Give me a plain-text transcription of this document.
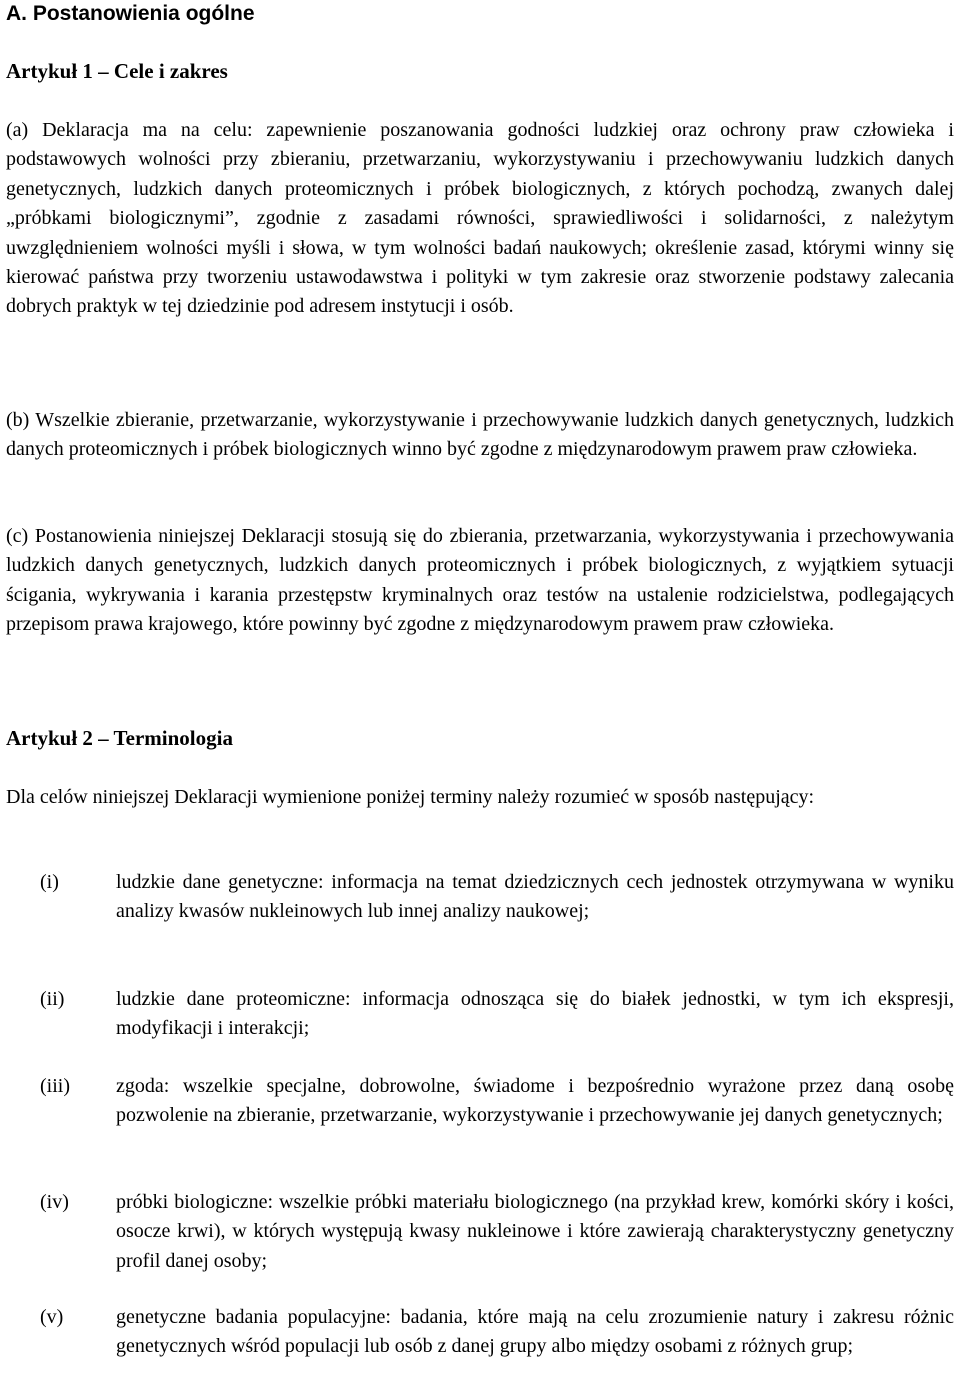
A. Postanowienia ogólne
Artykuł 1 – Cele i zakres
(a) Deklaracja ma na celu: zapewnienie poszanowania godności ludzkiej oraz ochrony praw człowieka i podstawowych wolności przy zbieraniu, przetwarzaniu, wykorzystywaniu i przechowywaniu ludzkich danych genetycznych, ludzkich danych proteomicznych i próbek biologicznych, z których pochodzą, zwanych dalej „próbkami biologicznymi”, zgodnie z zasadami równości, sprawiedliwości i solidarności, z należytym uwzględnieniem wolności myśli i słowa, w tym wolności badań naukowych; określenie zasad, którymi winny się kierować państwa przy tworzeniu ustawodawstwa i polityki w tym zakresie oraz stworzenie podstawy zalecania dobrych praktyk w tej dziedzinie pod adresem instytucji i osób.
(b) Wszelkie zbieranie, przetwarzanie, wykorzystywanie i przechowywanie ludzkich danych genetycznych, ludzkich danych proteomicznych i próbek biologicznych winno być zgodne z międzynarodowym prawem praw człowieka.
(c) Postanowienia niniejszej Deklaracji stosują się do zbierania, przetwarzania, wykorzystywania i przechowywania ludzkich danych genetycznych, ludzkich danych proteomicznych i próbek biologicznych, z wyjątkiem sytuacji ścigania, wykrywania i karania przestępstw kryminalnych oraz testów na ustalenie rodzicielstwa, podlegających przepisom prawa krajowego, które powinny być zgodne z międzynarodowym prawem praw człowieka.
Artykuł 2 – Terminologia
Dla celów niniejszej Deklaracji wymienione poniżej terminy należy rozumieć w sposób następujący:
(i)	ludzkie dane genetyczne: informacja na temat dziedzicznych cech jednostek otrzymywana w wyniku analizy kwasów nukleinowych lub innej analizy naukowej;
(ii)	ludzkie dane proteomiczne: informacja odnosząca się do białek jednostki, w tym ich ekspresji, modyfikacji i interakcji;
(iii)	zgoda: wszelkie specjalne, dobrowolne, świadome i bezpośrednio wyrażone przez daną osobę pozwolenie na zbieranie, przetwarzanie, wykorzystywanie i przechowywanie jej danych genetycznych;
(iv)	próbki biologiczne: wszelkie próbki materiału biologicznego (na przykład krew, komórki skóry i kości, osocze krwi), w których występują kwasy nukleinowe i które zawierają charakterystyczny genetyczny profil danej osoby;
(v)	genetyczne badania populacyjne: badania, które mają na celu zrozumienie natury i zakresu różnic genetycznych wśród populacji lub osób z danej grupy albo między osobami z różnych grup;
